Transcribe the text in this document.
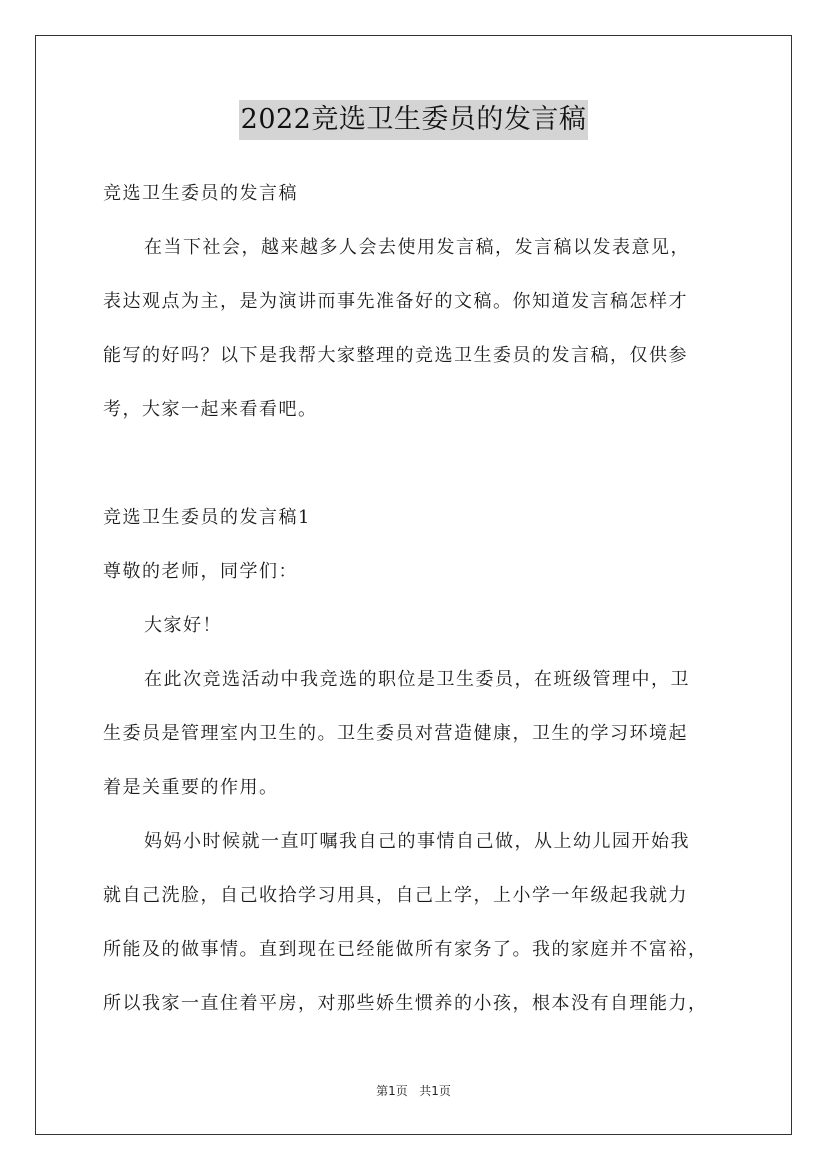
2022竞选卫生委员的发言稿
竞选卫生委员的发言稿
在当下社会，越来越多人会去使用发言稿，发言稿以发表意见，
表达观点为主，是为演讲而事先准备好的文稿。你知道发言稿怎样才
能写的好吗？以下是我帮大家整理的竞选卫生委员的发言稿，仅供参
考，大家一起来看看吧。
竞选卫生委员的发言稿1
尊敬的老师，同学们：
大家好！
在此次竞选活动中我竞选的职位是卫生委员，在班级管理中，卫
生委员是管理室内卫生的。卫生委员对营造健康，卫生的学习环境起
着是关重要的作用。
妈妈小时候就一直叮嘱我自己的事情自己做，从上幼儿园开始我
就自己洗脸，自己收拾学习用具，自己上学，上小学一年级起我就力
所能及的做事情。直到现在已经能做所有家务了。我的家庭并不富裕，
所以我家一直住着平房，对那些娇生惯养的小孩，根本没有自理能力，
第1页 共1页
